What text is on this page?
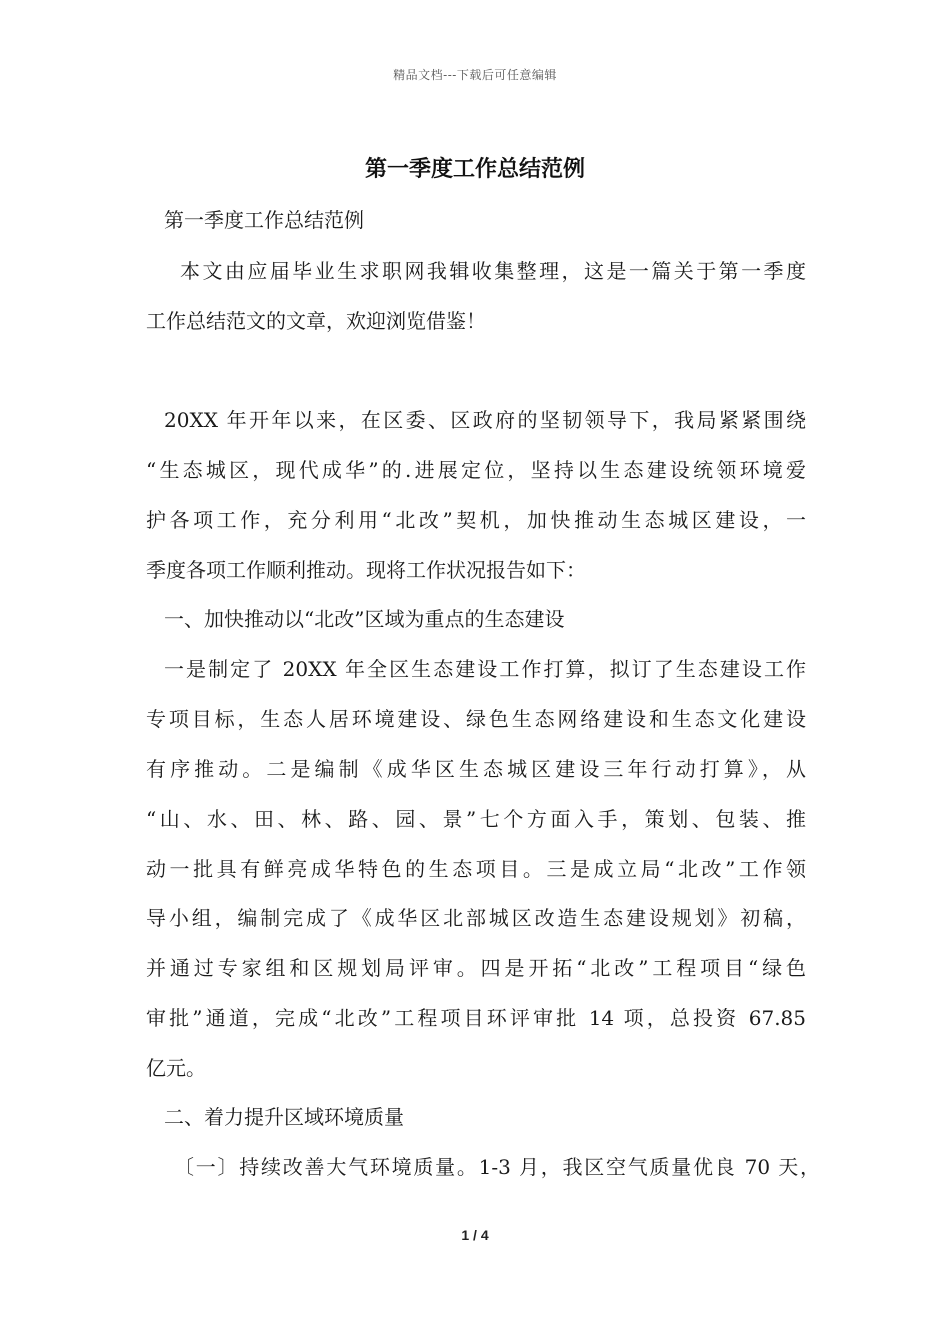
精品文档---下载后可任意编辑
第一季度工作总结范例
第一季度工作总结范例
本文由应届毕业生求职网我辑收集整理，这是一篇关于第一季度
工作总结范文的文章，欢迎浏览借鉴！
20XX 年开年以来，在区委、区政府的坚韧领导下，我局紧紧围绕
“生态城区，现代成华”的.进展定位，坚持以生态建设统领环境爱
护各项工作，充分利用“北改”契机，加快推动生态城区建设，一
季度各项工作顺利推动。现将工作状况报告如下：
一、加快推动以“北改”区域为重点的生态建设
一是制定了 20XX 年全区生态建设工作打算，拟订了生态建设工作
专项目标，生态人居环境建设、绿色生态网络建设和生态文化建设
有序推动。二是编制《成华区生态城区建设三年行动打算》，从
“山、水、田、林、路、园、景”七个方面入手，策划、包装、推
动一批具有鲜亮成华特色的生态项目。三是成立局“北改”工作领
导小组，编制完成了《成华区北部城区改造生态建设规划》初稿，
并通过专家组和区规划局评审。四是开拓“北改”工程项目“绿色
审批”通道，完成“北改”工程项目环评审批 14 项，总投资 67.85
亿元。
二、着力提升区域环境质量
〔一〕持续改善大气环境质量。1-3 月，我区空气质量优良 70 天，
1 / 4
